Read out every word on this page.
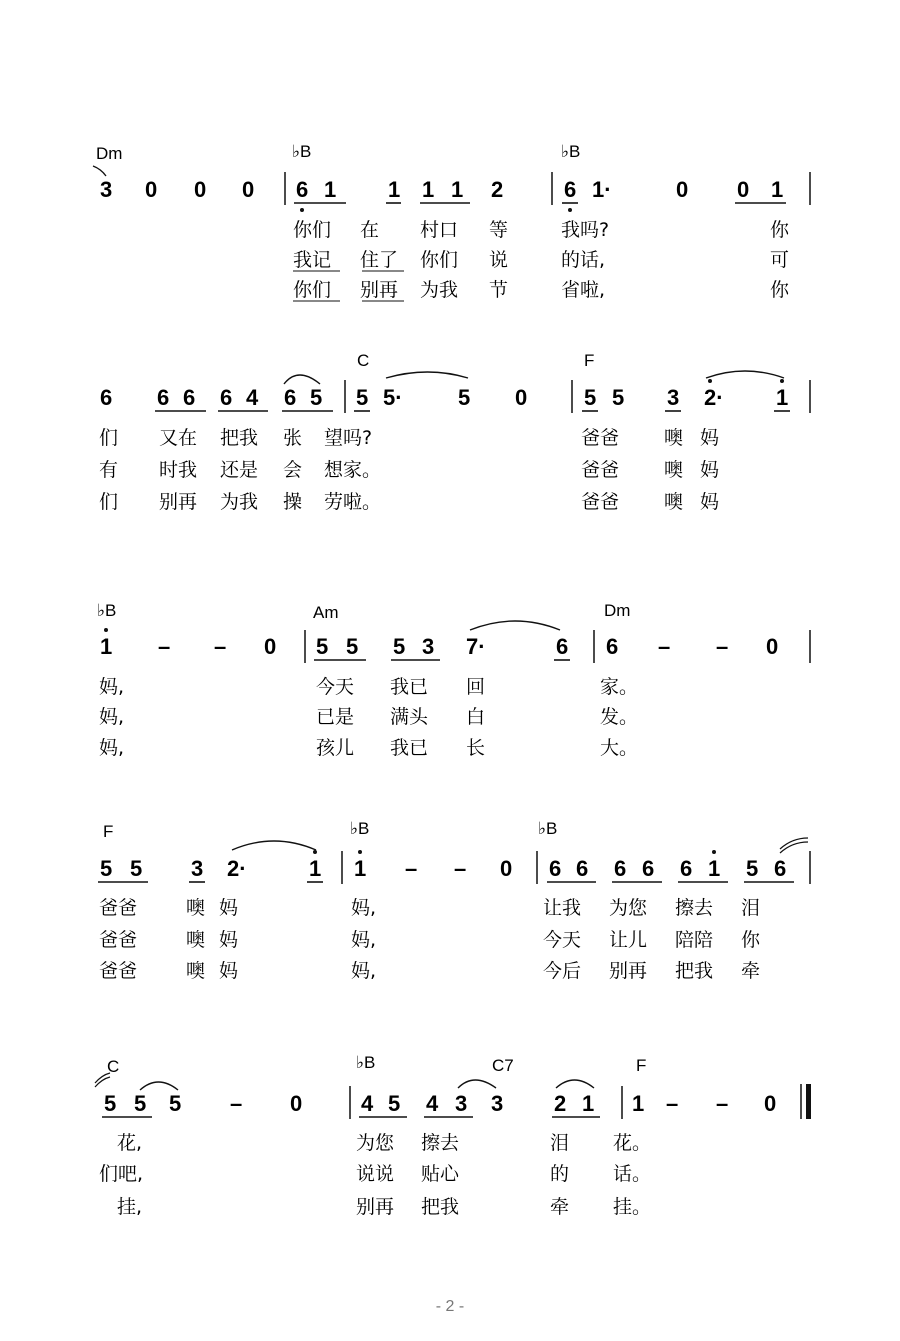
Dm	♭B	♭B
3 0 0 0 6 1 1 1 1 2	6 1·	0 0 1
你们 在 村口 等	我吗?	你
我记 住了 你们 说	的话,	可
你们 别再 为我 节	省啦,	你
C	F
6 6 6 6 4 6 5 5 5·	5 0	5 5 3 2· 1
们 又在 把我 张 望吗?	爸爸 噢 妈
有 时我 还是 会 想家。	爸爸 噢 妈
们 别再 为我 操 劳啦。	爸爸 噢 妈
♭B	Am	Dm
1 – – 0 5 5 5 3 7·	6 6 – – 0
妈,	今天 我已 回	家。
妈,	已是 满头 白	发。
妈,	孩儿 我已 长	大。
F	♭B	♭B
5 5 3 2·	1 1 – – 0 6 6 6 6 6 1 5 6
爸爸	噢 妈	妈,	让我 为您 擦去 泪
爸爸	噢 妈	妈,	今天 让儿 陪陪 你
爸爸	噢 妈	妈,	今后 别再 把我 牵
C	♭B	C7	F
5 5 5 – 0	4 5 4 3 3 2 1 1 – – 0
花,	为您 擦去	泪 花。
们吧,	说说 贴心	的 话。
挂,	别再 把我	牵 挂。
- 2 -
